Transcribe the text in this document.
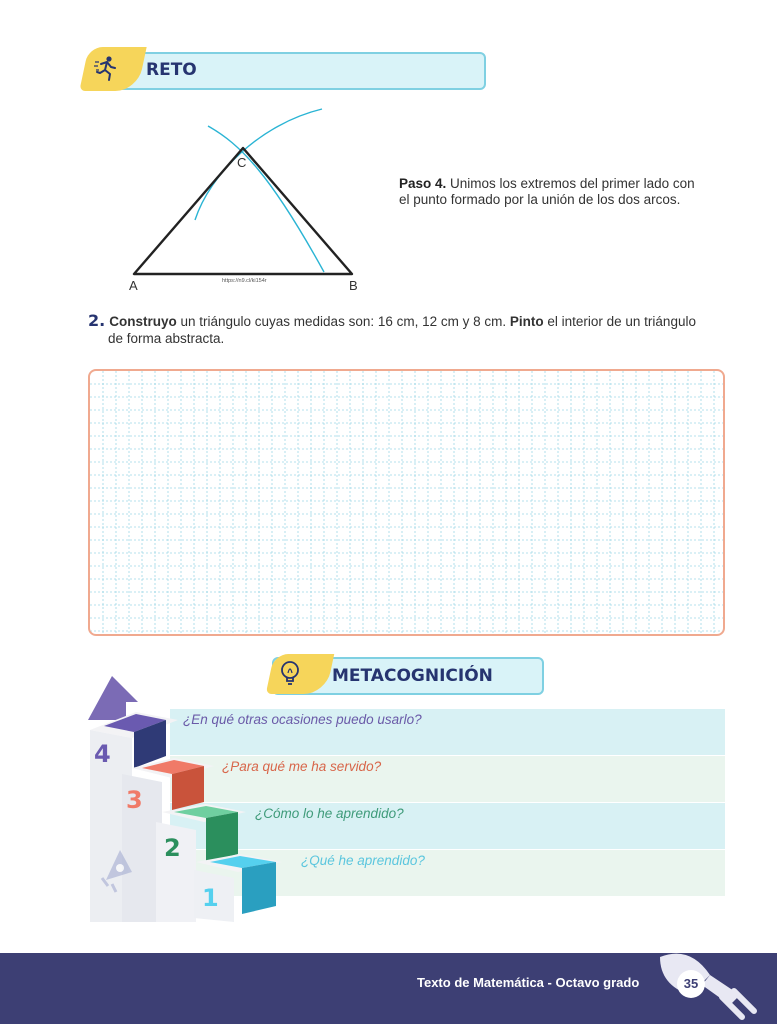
RETO
C
A	B
https://n9.cl/ki154r
Paso 4. Unimos los extremos del primer lado con el punto formado por la unión de los dos arcos.
2. Construyo un triángulo cuyas medidas son: 16 cm, 12 cm y 8 cm. Pinto el interior de un triángulo
de forma abstracta.
METACOGNICIÓN
¿En qué otras ocasiones puedo usarlo?
¿Para qué me ha servido?
¿Cómo lo he aprendido?
¿Qué he aprendido?
4
3
2
1
Texto de Matemática - Octavo grado	35
